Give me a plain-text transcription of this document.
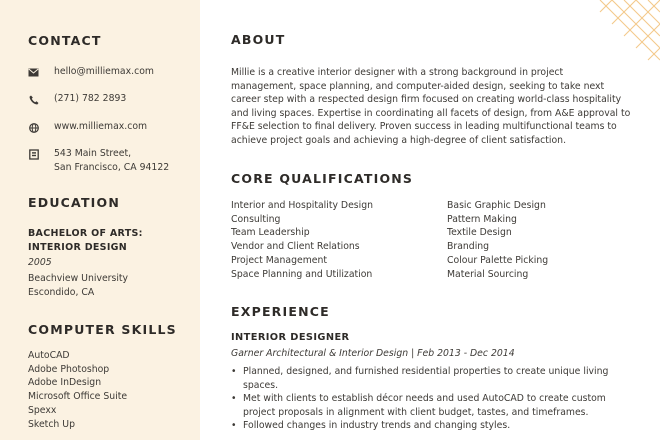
CONTACT
hello@milliemax.com
(271) 782 2893
www.milliemax.com
543 Main Street,
San Francisco, CA 94122
EDUCATION
BACHELOR OF ARTS:
INTERIOR DESIGN
2005
Beachview University
Escondido, CA
COMPUTER SKILLS
AutoCAD
Adobe Photoshop
Adobe InDesign
Microsoft Office Suite
Spexx
Sketch Up
ABOUT
Millie is a creative interior designer with a strong background in project management, space planning, and computer-aided design, seeking to take next career step with a respected design firm focused on creating world-class hospitality and living spaces. Expertise in coordinating all facets of design, from A&E approval to FF&E selection to final delivery. Proven success in leading multifunctional teams to achieve project goals and achieving a high-degree of client satisfaction.
CORE QUALIFICATIONS
Interior and Hospitality Design
Consulting
Team Leadership
Vendor and Client Relations
Project Management
Space Planning and Utilization
Basic Graphic Design
Pattern Making
Textile Design
Branding
Colour Palette Picking
Material Sourcing
EXPERIENCE
INTERIOR DESIGNER
Garner Architectural & Interior Design | Feb 2013 - Dec 2014
• Planned, designed, and furnished residential properties to create unique living spaces.
• Met with clients to establish décor needs and used AutoCAD to create custom project proposals in alignment with client budget, tastes, and timeframes.
• Followed changes in industry trends and changing styles.
